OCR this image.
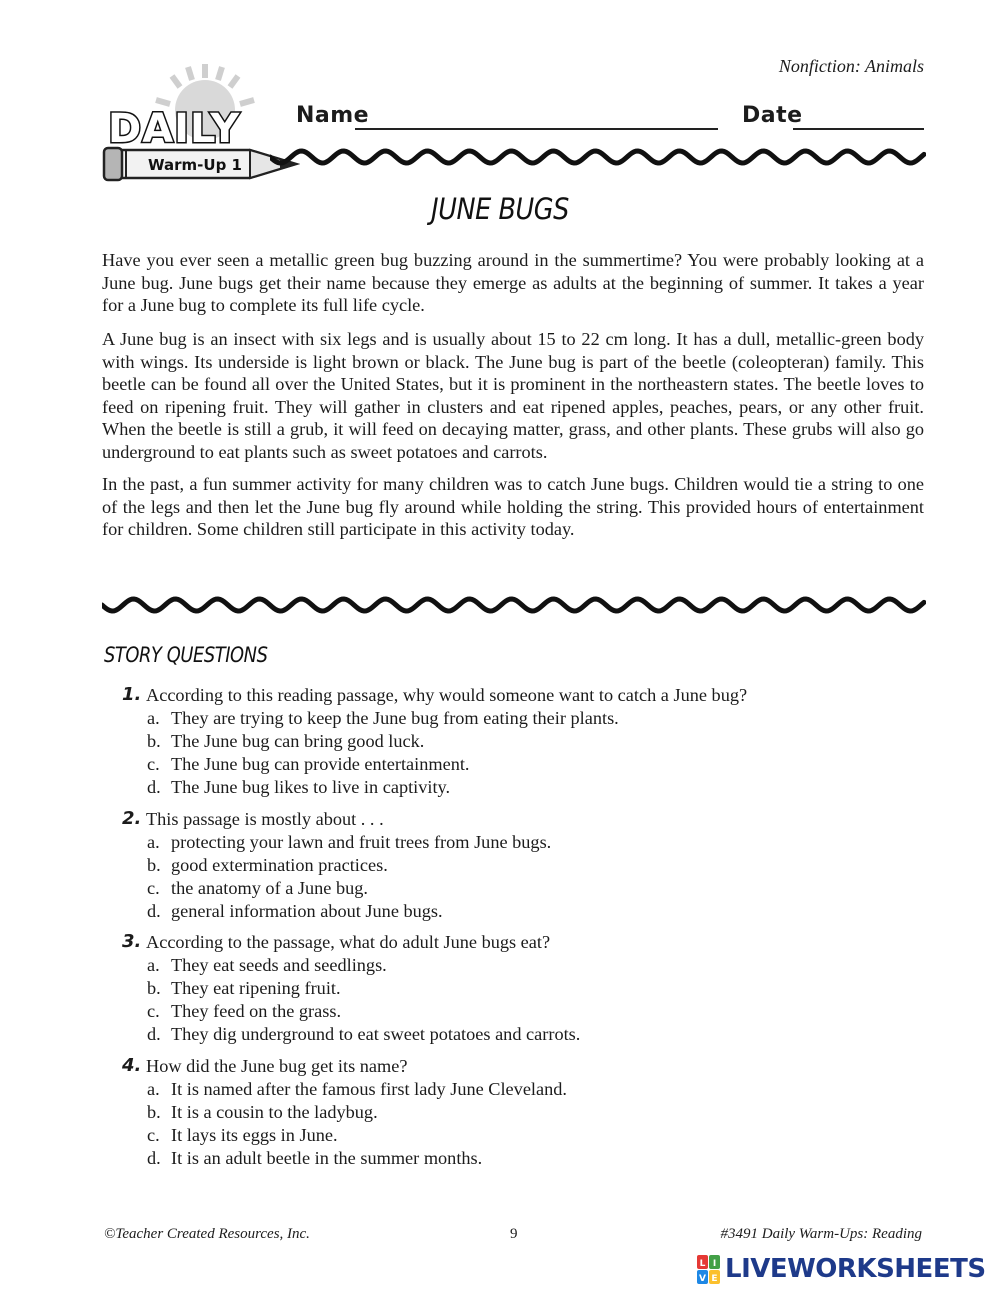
Nonfiction: Animals
DAILY
Warm-Up 1
Name	Date
JUNE BUGS

Have you ever seen a metallic green bug buzzing around in the summertime? You were probably looking at a June bug. June bugs get their name because they emerge as adults at the beginning of summer. It takes a year for a June bug to complete its full life cycle.

A June bug is an insect with six legs and is usually about 15 to 22 cm long. It has a dull, metallic-green body with wings. Its underside is light brown or black. The June bug is part of the beetle (coleopteran) family. This beetle can be found all over the United States, but it is prominent in the northeastern states. The beetle loves to feed on ripening fruit. They will gather in clusters and eat ripened apples, peaches, pears, or any other fruit. When the beetle is still a grub, it will feed on decaying matter, grass, and other plants. These grubs will also go underground to eat plants such as sweet potatoes and carrots.

In the past, a fun summer activity for many children was to catch June bugs. Children would tie a string to one of the legs and then let the June bug fly around while holding the string. This provided hours of entertainment for children. Some children still participate in this activity today.

STORY QUESTIONS
1. According to this reading passage, why would someone want to catch a June bug?
a. They are trying to keep the June bug from eating their plants.
b. The June bug can bring good luck.
c. The June bug can provide entertainment.
d. The June bug likes to live in captivity.
2. This passage is mostly about . . .
a. protecting your lawn and fruit trees from June bugs.
b. good extermination practices.
c. the anatomy of a June bug.
d. general information about June bugs.
3. According to the passage, what do adult June bugs eat?
a. They eat seeds and seedlings.
b. They eat ripening fruit.
c. They feed on the grass.
d. They dig underground to eat sweet potatoes and carrots.
4. How did the June bug get its name?
a. It is named after the famous first lady June Cleveland.
b. It is a cousin to the ladybug.
c. It lays its eggs in June.
d. It is an adult beetle in the summer months.
©Teacher Created Resources, Inc.	9	#3491 Daily Warm-Ups: Reading
L I
V E LIVEWORKSHEETS
